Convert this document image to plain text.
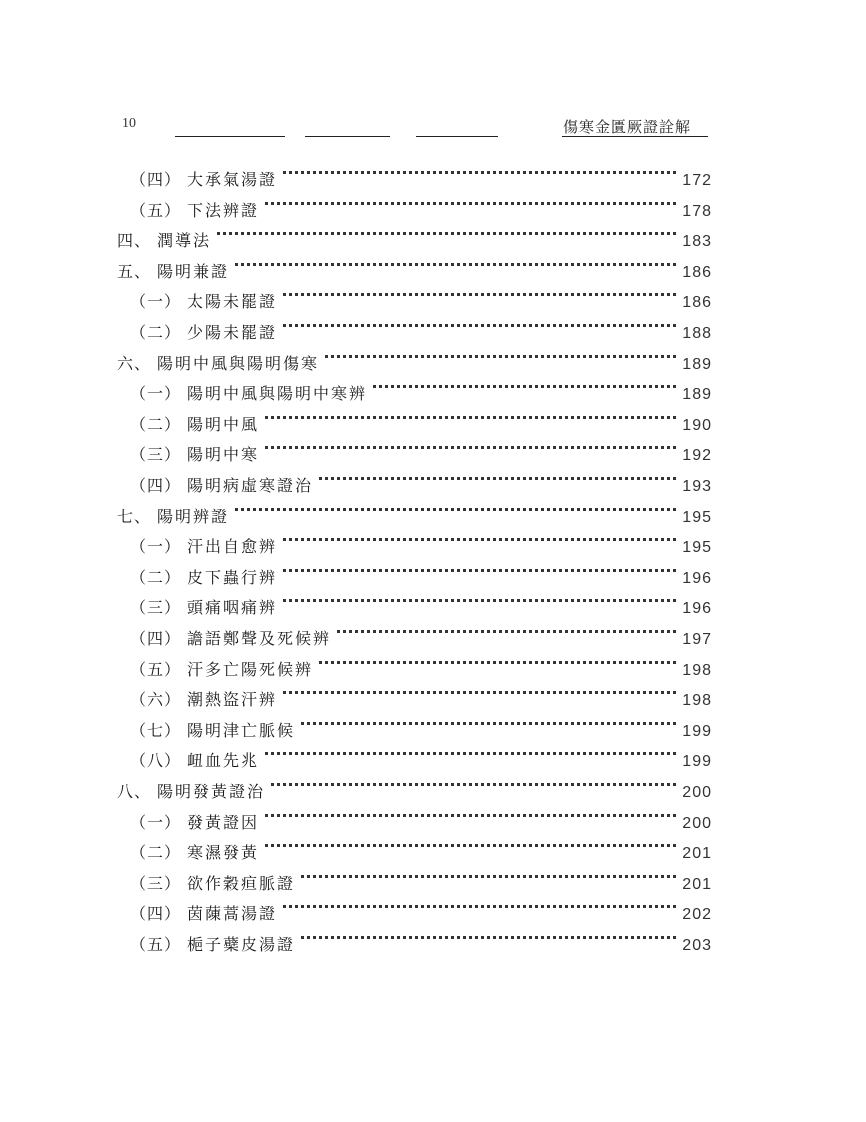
10	傷寒金匱厥證詮解
（四） 大承氣湯證	172
（五） 下法辨證	178
四、 潤導法	183
五、 陽明兼證	186
（一） 太陽未罷證	186
（二） 少陽未罷證	188
六、 陽明中風與陽明傷寒	189
（一） 陽明中風與陽明中寒辨	189
（二） 陽明中風	190
（三） 陽明中寒	192
（四） 陽明病虛寒證治	193
七、 陽明辨證	195
（一） 汗出自愈辨	195
（二） 皮下蟲行辨	196
（三） 頭痛咽痛辨	196
（四） 譫語鄭聲及死候辨	197
（五） 汗多亡陽死候辨	198
（六） 潮熱盜汗辨	198
（七） 陽明津亡脈候	199
（八） 衄血先兆	199
八、 陽明發黃證治	200
（一） 發黃證因	200
（二） 寒濕發黃	201
（三） 欲作穀疸脈證	201
（四） 茵蔯蒿湯證	202
（五） 梔子蘗皮湯證	203
